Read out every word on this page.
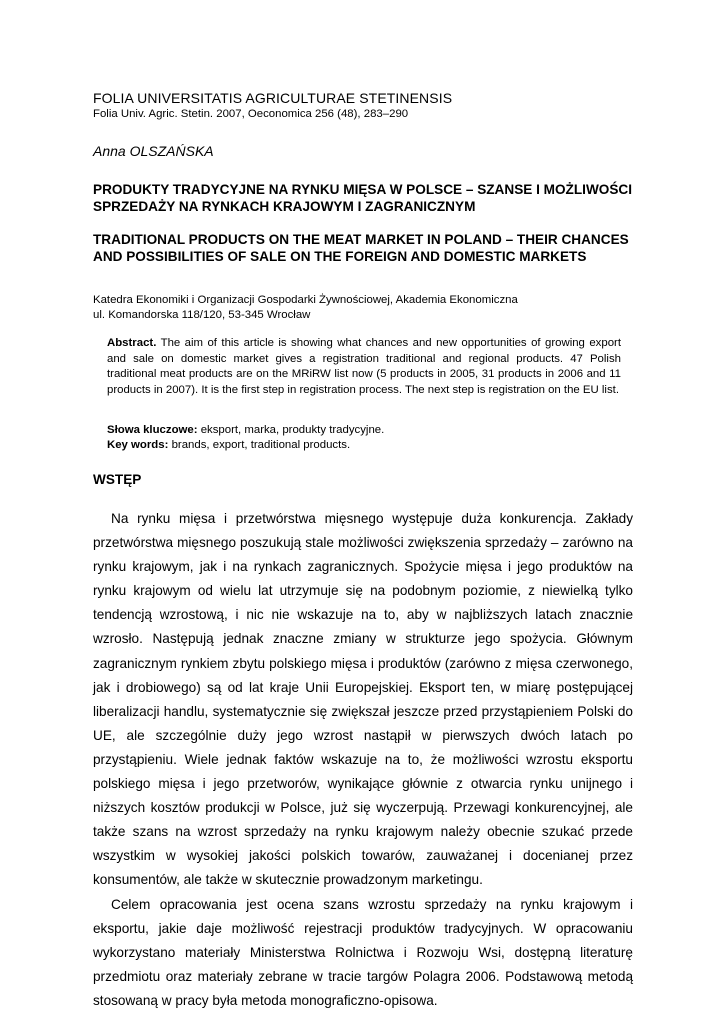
FOLIA UNIVERSITATIS AGRICULTURAE STETINENSIS
Folia Univ. Agric. Stetin. 2007, Oeconomica 256 (48), 283–290
Anna OLSZAŃSKA
PRODUKTY TRADYCYJNE NA RYNKU MIĘSA W POLSCE – SZANSE I MOŻLIWOŚCI SPRZEDAŻY NA RYNKACH KRAJOWYM I ZAGRANICZNYM
TRADITIONAL PRODUCTS ON THE MEAT MARKET IN POLAND – THEIR CHANCES AND POSSIBILITIES OF SALE ON THE FOREIGN AND DOMESTIC MARKETS
Katedra Ekonomiki i Organizacji Gospodarki Żywnościowej, Akademia Ekonomiczna
ul. Komandorska 118/120, 53-345 Wrocław
Abstract. The aim of this article is showing what chances and new opportunities of growing export and sale on domestic market gives a registration traditional and regional products. 47 Polish traditional meat products are on the MRiRW list now (5 products in 2005, 31 products in 2006 and 11 products in 2007). It is the first step in registration process. The next step is registration on the EU list.
Słowa kluczowe: eksport, marka, produkty tradycyjne.
Key words: brands, export, traditional products.
WSTĘP

Na rynku mięsa i przetwórstwa mięsnego występuje duża konkurencja. Zakłady przetwórstwa mięsnego poszukują stale możliwości zwiększenia sprzedaży – zarówno na rynku krajowym, jak i na rynkach zagranicznych. Spożycie mięsa i jego produktów na rynku krajowym od wielu lat utrzymuje się na podobnym poziomie, z niewielką tylko tendencją wzrostową, i nic nie wskazuje na to, aby w najbliższych latach znacznie wzrosło. Następują jednak znaczne zmiany w strukturze jego spożycia. Głównym zagranicznym rynkiem zbytu polskiego mięsa i produktów (zarówno z mięsa czerwonego, jak i drobiowego) są od lat kraje Unii Europejskiej. Eksport ten, w miarę postępującej liberalizacji handlu, systematycznie się zwiększał jeszcze przed przystąpieniem Polski do UE, ale szczególnie duży jego wzrost nastąpił w pierwszych dwóch latach po przystąpieniu. Wiele jednak faktów wskazuje na to, że możliwości wzrostu eksportu polskiego mięsa i jego przetworów, wynikające głównie z otwarcia rynku unijnego i niższych kosztów produkcji w Polsce, już się wyczerpują. Przewagi konkurencyjnej, ale także szans na wzrost sprzedaży na rynku krajowym należy obecnie szukać przede wszystkim w wysokiej jakości polskich towarów, zauważanej i docenianej przez konsumentów, ale także w skutecznie prowadzonym marketingu.

Celem opracowania jest ocena szans wzrostu sprzedaży na rynku krajowym i eksportu, jakie daje możliwość rejestracji produktów tradycyjnych. W opracowaniu wykorzystano materiały Ministerstwa Rolnictwa i Rozwoju Wsi, dostępną literaturę przedmiotu oraz materiały zebrane w tracie targów Polagra 2006. Podstawową metodą stosowaną w pracy była metoda monograficzno-opisowa.
